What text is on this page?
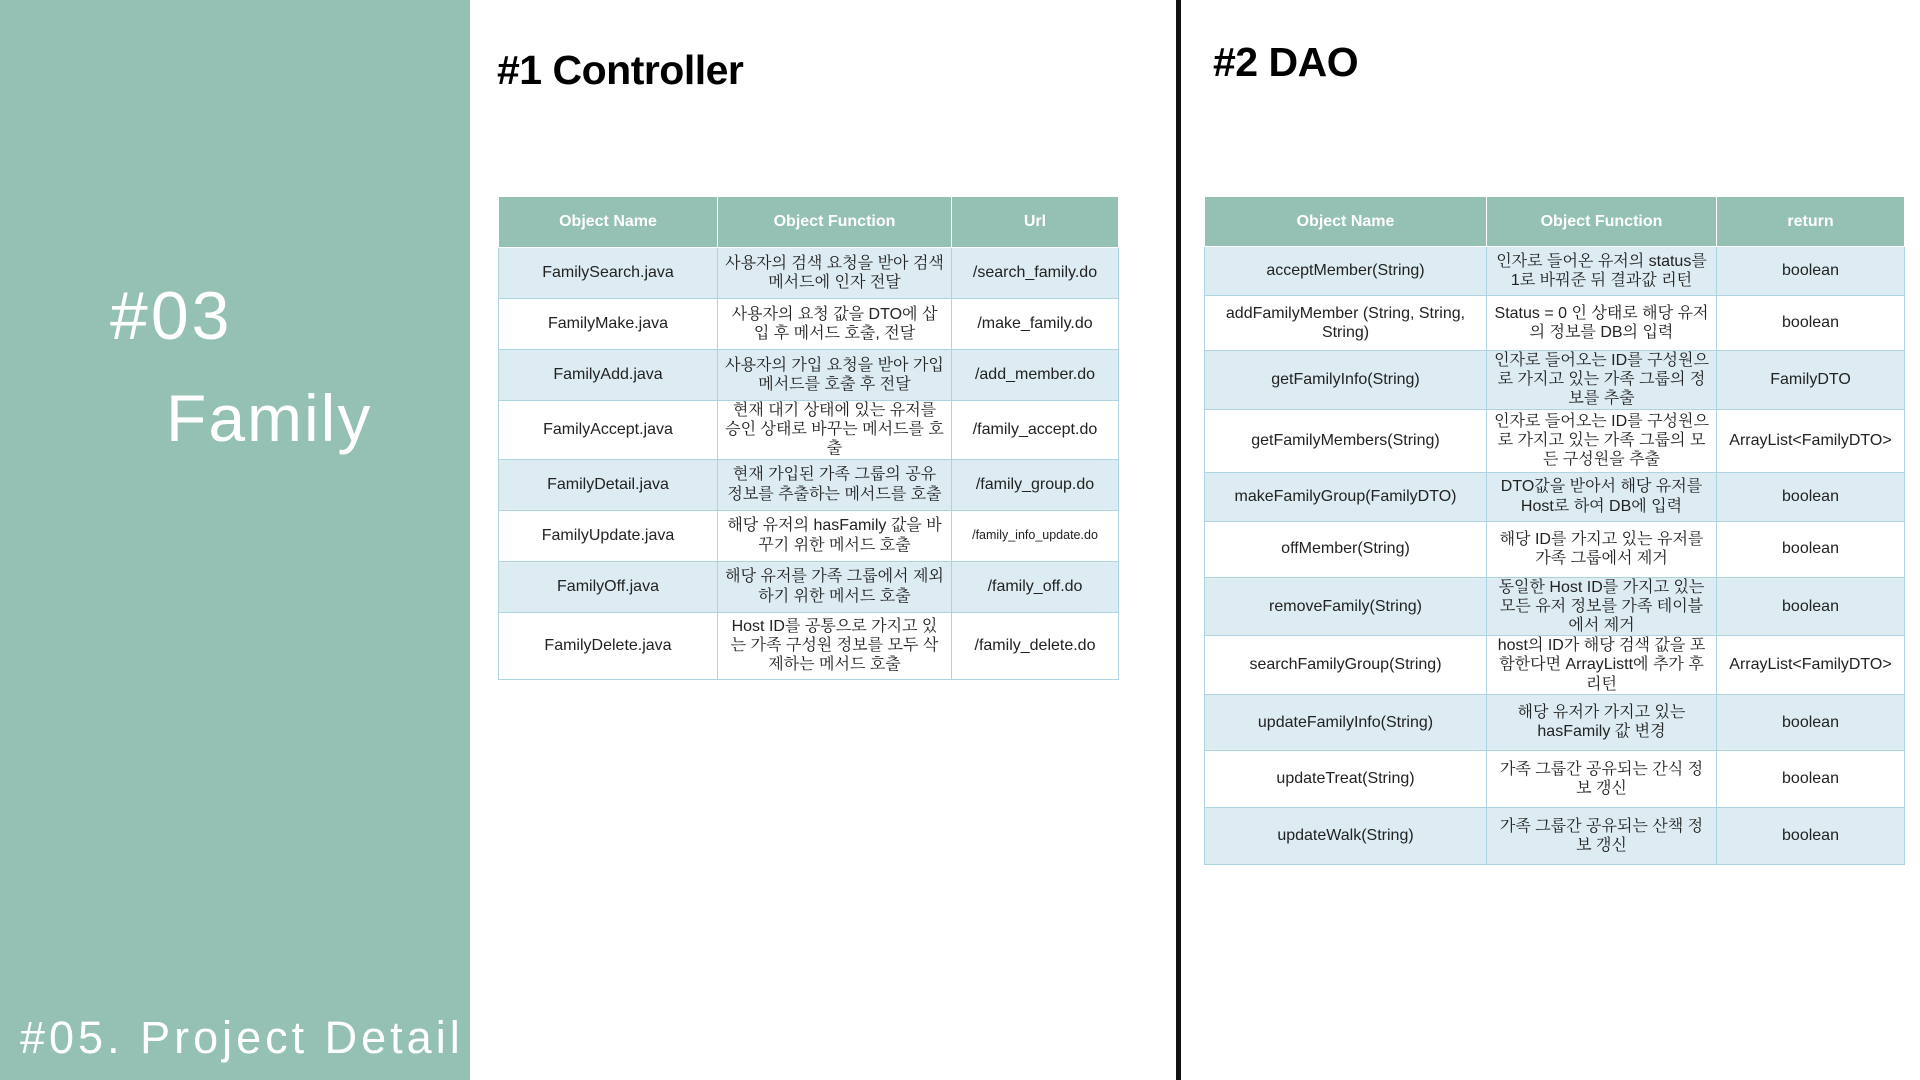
#03
Family
#05. Project Detail
#1 Controller	#2 DAO
Object Name	Object Function	Url
FamilySearch.java	사용자의 검색 요청을 받아 검색 메서드에 인자 전달	/search_family.do
FamilyMake.java	사용자의 요청 값을 DTO에 삽입 후 메서드 호출, 전달	/make_family.do
FamilyAdd.java	사용자의 가입 요청을 받아 가입 메서드를 호출 후 전달	/add_member.do
FamilyAccept.java	현재 대기 상태에 있는 유저를 승인 상태로 바꾸는 메서드를 호출	/family_accept.do
FamilyDetail.java	현재 가입된 가족 그룹의 공유 정보를 추출하는 메서드를 호출	/family_group.do
FamilyUpdate.java	해당 유저의 hasFamily 값을 바꾸기 위한 메서드 호출	/family_info_update.do
FamilyOff.java	해당 유저를 가족 그룹에서 제외하기 위한 메서드 호출	/family_off.do
FamilyDelete.java	Host ID를 공통으로 가지고 있는 가족 구성원 정보를 모두 삭제하는 메서드 호출	/family_delete.do
Object Name	Object Function	return
acceptMember(String)	인자로 들어온 유저의 status를 1로 바꿔준 뒤 결과값 리턴	boolean
addFamilyMember (String, String, String)	Status = 0 인 상태로 해당 유저의 정보를 DB의 입력	boolean
getFamilyInfo(String)	인자로 들어오는 ID를 구성원으로 가지고 있는 가족 그룹의 정보를 추출	FamilyDTO
getFamilyMembers(String)	인자로 들어오는 ID를 구성원으로 가지고 있는 가족 그룹의 모든 구성원을 추출	ArrayList<FamilyDTO>
makeFamilyGroup(FamilyDTO)	DTO값을 받아서 해당 유저를 Host로 하여 DB에 입력	boolean
offMember(String)	해당 ID를 가지고 있는 유저를 가족 그룹에서 제거	boolean
removeFamily(String)	동일한 Host ID를 가지고 있는 모든 유저 정보를 가족 테이블에서 제거	boolean
searchFamilyGroup(String)	host의 ID가 해당 검색 값을 포함한다면 ArrayListt에 추가 후 리턴	ArrayList<FamilyDTO>
updateFamilyInfo(String)	해당 유저가 가지고 있는 hasFamily 값 변경	boolean
updateTreat(String)	가족 그룹간 공유되는 간식 정보 갱신	boolean
updateWalk(String)	가족 그룹간 공유되는 산책 정보 갱신	boolean
